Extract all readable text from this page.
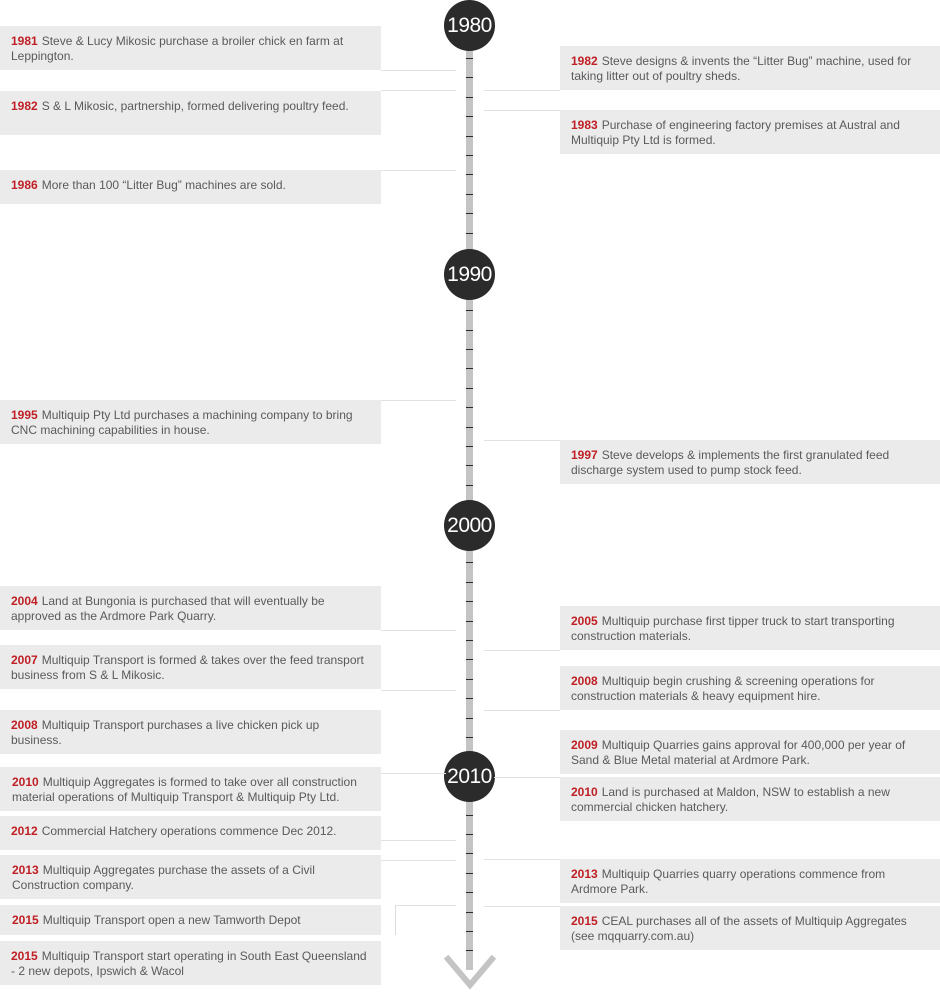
1980
1990
2000
2010
1981 Steve & Lucy Mikosic purchase a broiler chick en farm at Leppington.
1982 S & L Mikosic, partnership, formed delivering poultry feed.
1986 More than 100 “Litter Bug” machines are sold.
1995 Multiquip Pty Ltd purchases a machining company to bring CNC machining capabilities in house.
2004 Land at Bungonia is purchased that will eventually be approved as the Ardmore Park Quarry.
2007 Multiquip Transport is formed & takes over the feed transport business from S & L Mikosic.
2008 Multiquip Transport purchases a live chicken pick up business.
2010 Multiquip Aggregates is formed to take over all construction material operations of Multiquip Transport & Multiquip Pty Ltd.
2012 Commercial Hatchery operations commence Dec 2012.
2013 Multiquip Aggregates purchase the assets of a Civil Construction company.
2015 Multiquip Transport open a new Tamworth Depot
2015 Multiquip Transport start operating in South East Queensland - 2 new depots, Ipswich & Wacol
1982 Steve designs & invents the “Litter Bug” machine, used for taking litter out of poultry sheds.
1983 Purchase of engineering factory premises at Austral and Multiquip Pty Ltd is formed.
1997 Steve develops & implements the first granulated feed discharge system used to pump stock feed.
2005 Multiquip purchase first tipper truck to start transporting construction materials.
2008 Multiquip begin crushing & screening operations for construction materials & heavy equipment hire.
2009 Multiquip Quarries gains approval for 400,000 per year of Sand & Blue Metal material at Ardmore Park.
2010 Land is purchased at Maldon, NSW to establish a new commercial chicken hatchery.
2013 Multiquip Quarries quarry operations commence from Ardmore Park.
2015 CEAL purchases all of the assets of Multiquip Aggregates (see mqquarry.com.au)
